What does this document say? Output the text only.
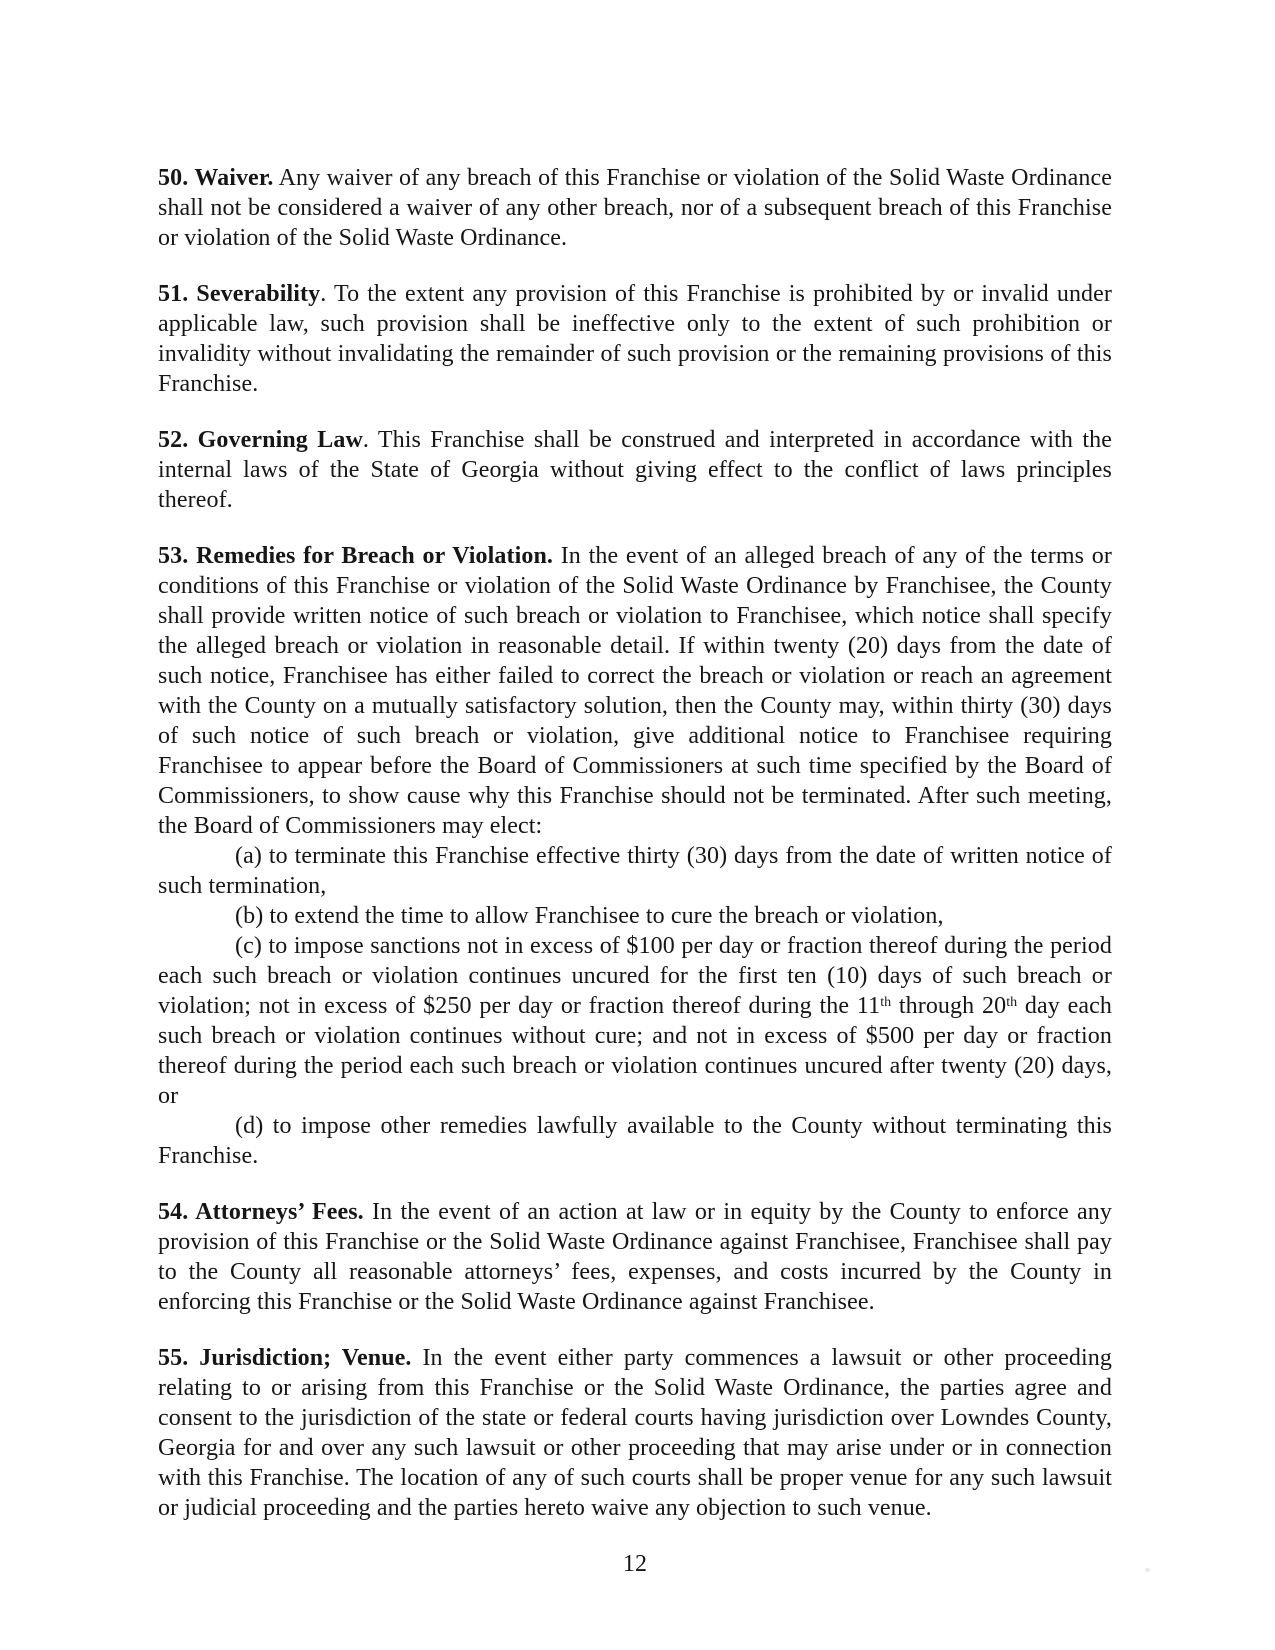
50. Waiver. Any waiver of any breach of this Franchise or violation of the Solid Waste Ordinance shall not be considered a waiver of any other breach, nor of a subsequent breach of this Franchise or violation of the Solid Waste Ordinance.

51. Severability. To the extent any provision of this Franchise is prohibited by or invalid under applicable law, such provision shall be ineffective only to the extent of such prohibition or invalidity without invalidating the remainder of such provision or the remaining provisions of this Franchise.

52. Governing Law. This Franchise shall be construed and interpreted in accordance with the internal laws of the State of Georgia without giving effect to the conflict of laws principles thereof.

53. Remedies for Breach or Violation. In the event of an alleged breach of any of the terms or conditions of this Franchise or violation of the Solid Waste Ordinance by Franchisee, the County shall provide written notice of such breach or violation to Franchisee, which notice shall specify the alleged breach or violation in reasonable detail. If within twenty (20) days from the date of such notice, Franchisee has either failed to correct the breach or violation or reach an agreement with the County on a mutually satisfactory solution, then the County may, within thirty (30) days of such notice of such breach or violation, give additional notice to Franchisee requiring Franchisee to appear before the Board of Commissioners at such time specified by the Board of Commissioners, to show cause why this Franchise should not be terminated. After such meeting, the Board of Commissioners may elect:

(a) to terminate this Franchise effective thirty (30) days from the date of written notice of such termination,

(b) to extend the time to allow Franchisee to cure the breach or violation,

(c) to impose sanctions not in excess of $100 per day or fraction thereof during the period each such breach or violation continues uncured for the first ten (10) days of such breach or violation; not in excess of $250 per day or fraction thereof during the 11th through 20th day each such breach or violation continues without cure; and not in excess of $500 per day or fraction thereof during the period each such breach or violation continues uncured after twenty (20) days, or

(d) to impose other remedies lawfully available to the County without terminating this Franchise.

54. Attorneys’ Fees. In the event of an action at law or in equity by the County to enforce any provision of this Franchise or the Solid Waste Ordinance against Franchisee, Franchisee shall pay to the County all reasonable attorneys’ fees, expenses, and costs incurred by the County in enforcing this Franchise or the Solid Waste Ordinance against Franchisee.

55. Jurisdiction; Venue. In the event either party commences a lawsuit or other proceeding relating to or arising from this Franchise or the Solid Waste Ordinance, the parties agree and consent to the jurisdiction of the state or federal courts having jurisdiction over Lowndes County, Georgia for and over any such lawsuit or other proceeding that may arise under or in connection with this Franchise. The location of any of such courts shall be proper venue for any such lawsuit or judicial proceeding and the parties hereto waive any objection to such venue.

12
